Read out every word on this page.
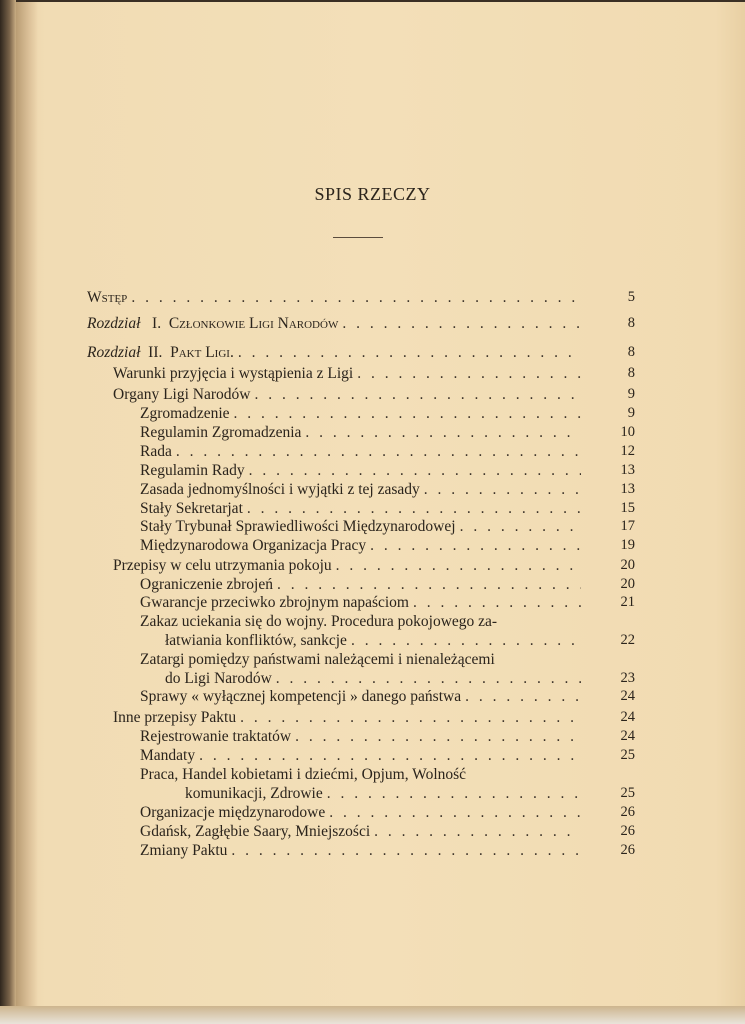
SPIS RZECZY
Wstęp . . .	5
Rozdział I. Członkowie Ligi Narodów . . .	8
Rozdział II. Pakt Ligi. . . .	8
Warunki przyjęcia i wystąpienia z Ligi . . .	8
Organy Ligi Narodów . . .	9
Zgromadzenie . . .	9
Regulamin Zgromadzenia . . .	10
Rada . . .	12
Regulamin Rady . . .	13
Zasada jednomyślności i wyjątki z tej zasady . . .	13
Stały Sekretarjat . . .	15
Stały Trybunał Sprawiedliwości Międzynarodowej . . .	17
Międzynarodowa Organizacja Pracy . . .	19
Przepisy w celu utrzymania pokoju . . .	20
Ograniczenie zbrojeń . . .	20
Gwarancje przeciwko zbrojnym napaściom . . .	21
Zakaz uciekania się do wojny. Procedura pokojowego za-
łatwiania konfliktów, sankcje . . .	22
Zatargi pomiędzy państwami należącemi i nienależącemi
do Ligi Narodów . . .	23
Sprawy « wyłącznej kompetencji » danego państwa . . .	24
Inne przepisy Paktu . . .	24
Rejestrowanie traktatów . . .	24
Mandaty . . .	25
Praca, Handel kobietami i dziećmi, Opjum, Wolność
komunikacji, Zdrowie . . .	25
Organizacje międzynarodowe . . .	26
Gdańsk, Zagłębie Saary, Mniejszości . . .	26
Zmiany Paktu . . .	26
